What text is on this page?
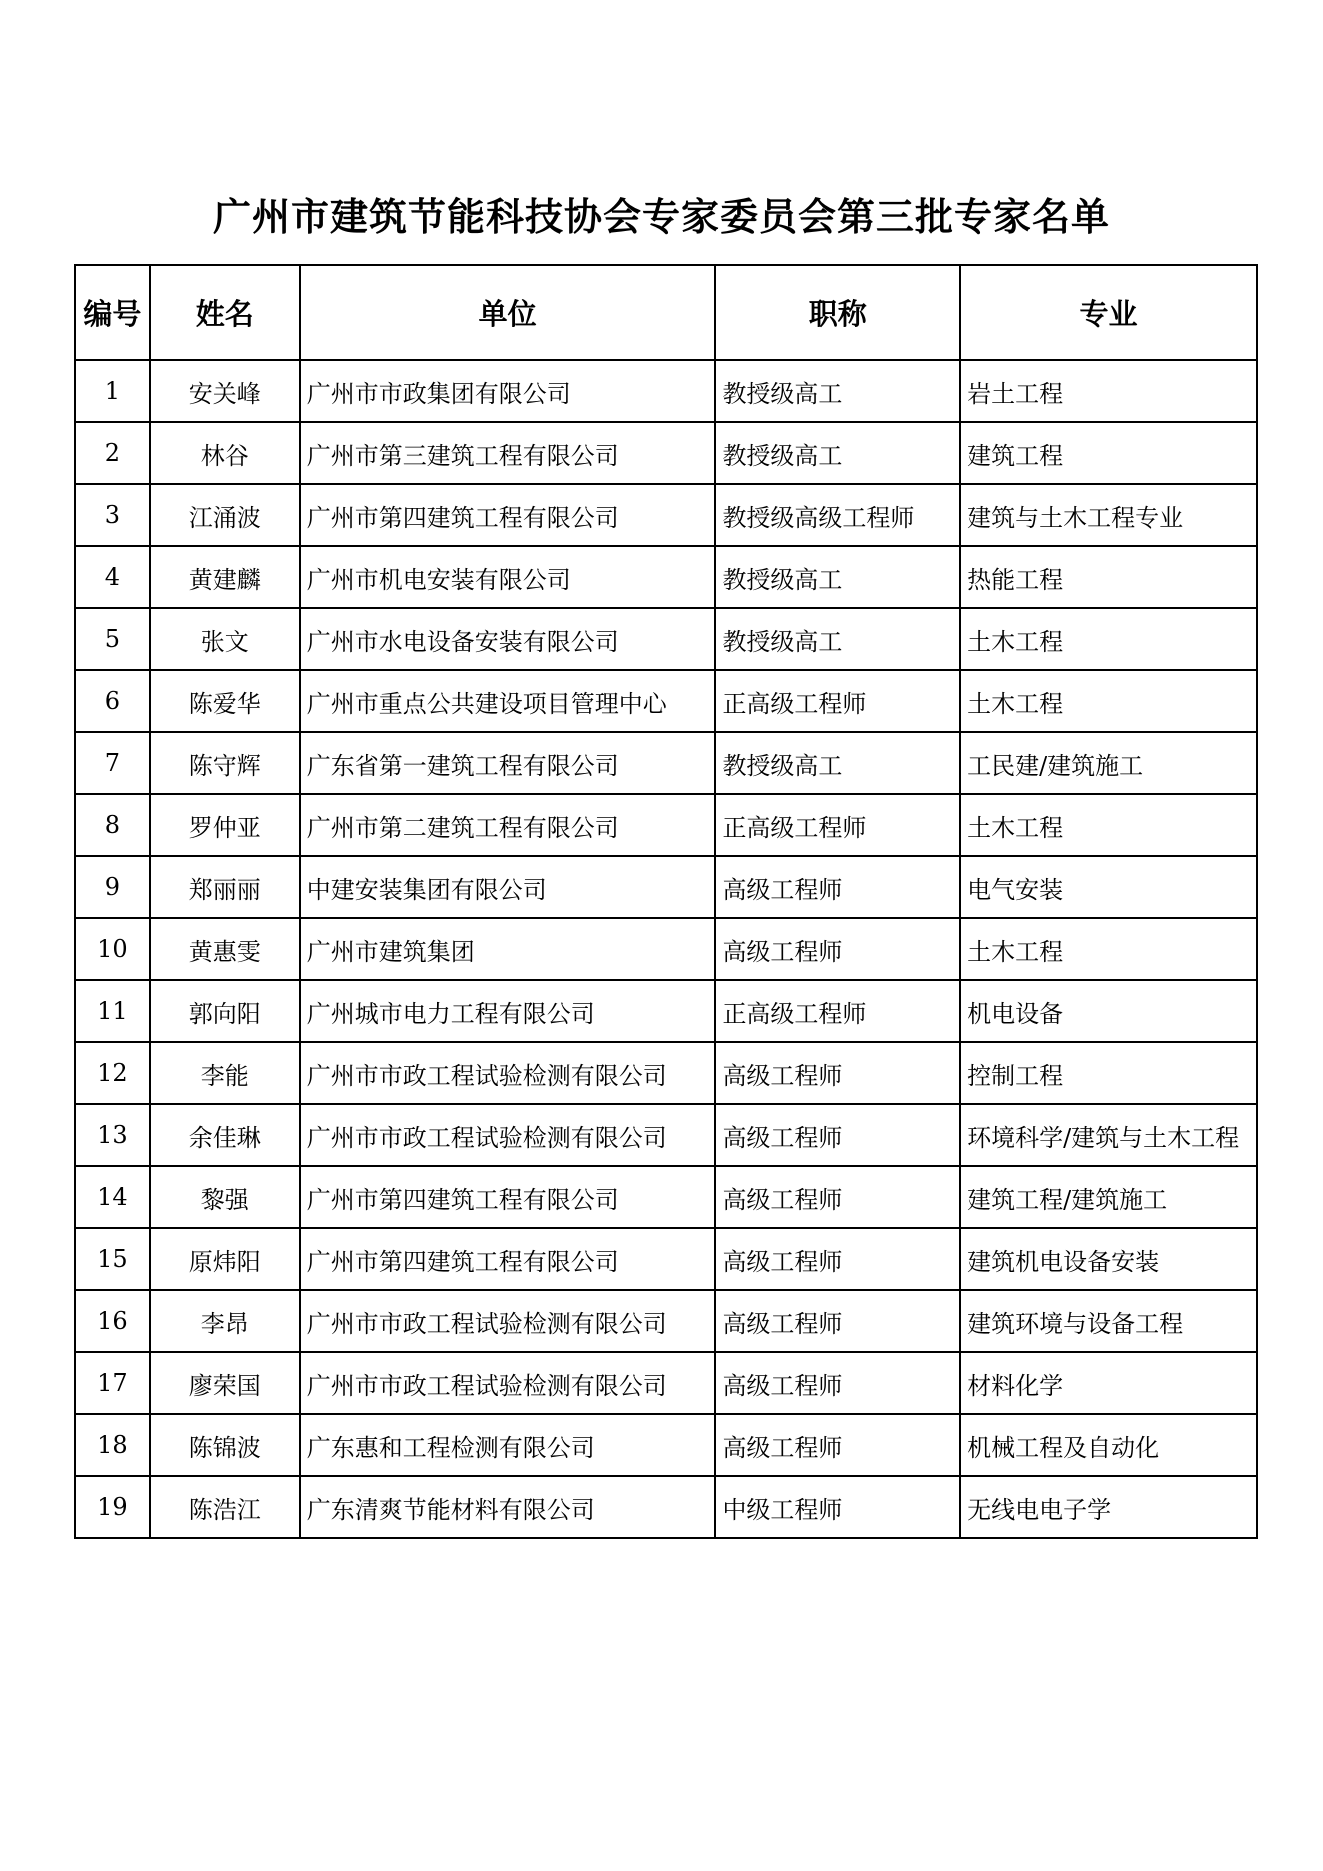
广州市建筑节能科技协会专家委员会第三批专家名单
编号	姓名	单位	职称	专业
1	安关峰	广州市市政集团有限公司	教授级高工	岩土工程
2	林谷	广州市第三建筑工程有限公司	教授级高工	建筑工程
3	江涌波	广州市第四建筑工程有限公司	教授级高级工程师	建筑与土木工程专业
4	黄建麟	广州市机电安装有限公司	教授级高工	热能工程
5	张文	广州市水电设备安装有限公司	教授级高工	土木工程
6	陈爱华	广州市重点公共建设项目管理中心	正高级工程师	土木工程
7	陈守辉	广东省第一建筑工程有限公司	教授级高工	工民建/建筑施工
8	罗仲亚	广州市第二建筑工程有限公司	正高级工程师	土木工程
9	郑丽丽	中建安装集团有限公司	高级工程师	电气安装
10	黄惠雯	广州市建筑集团	高级工程师	土木工程
11	郭向阳	广州城市电力工程有限公司	正高级工程师	机电设备
12	李能	广州市市政工程试验检测有限公司	高级工程师	控制工程
13	余佳琳	广州市市政工程试验检测有限公司	高级工程师	环境科学/建筑与土木工程
14	黎强	广州市第四建筑工程有限公司	高级工程师	建筑工程/建筑施工
15	原炜阳	广州市第四建筑工程有限公司	高级工程师	建筑机电设备安装
16	李昂	广州市市政工程试验检测有限公司	高级工程师	建筑环境与设备工程
17	廖荣国	广州市市政工程试验检测有限公司	高级工程师	材料化学
18	陈锦波	广东惠和工程检测有限公司	高级工程师	机械工程及自动化
19	陈浩江	广东清爽节能材料有限公司	中级工程师	无线电电子学
